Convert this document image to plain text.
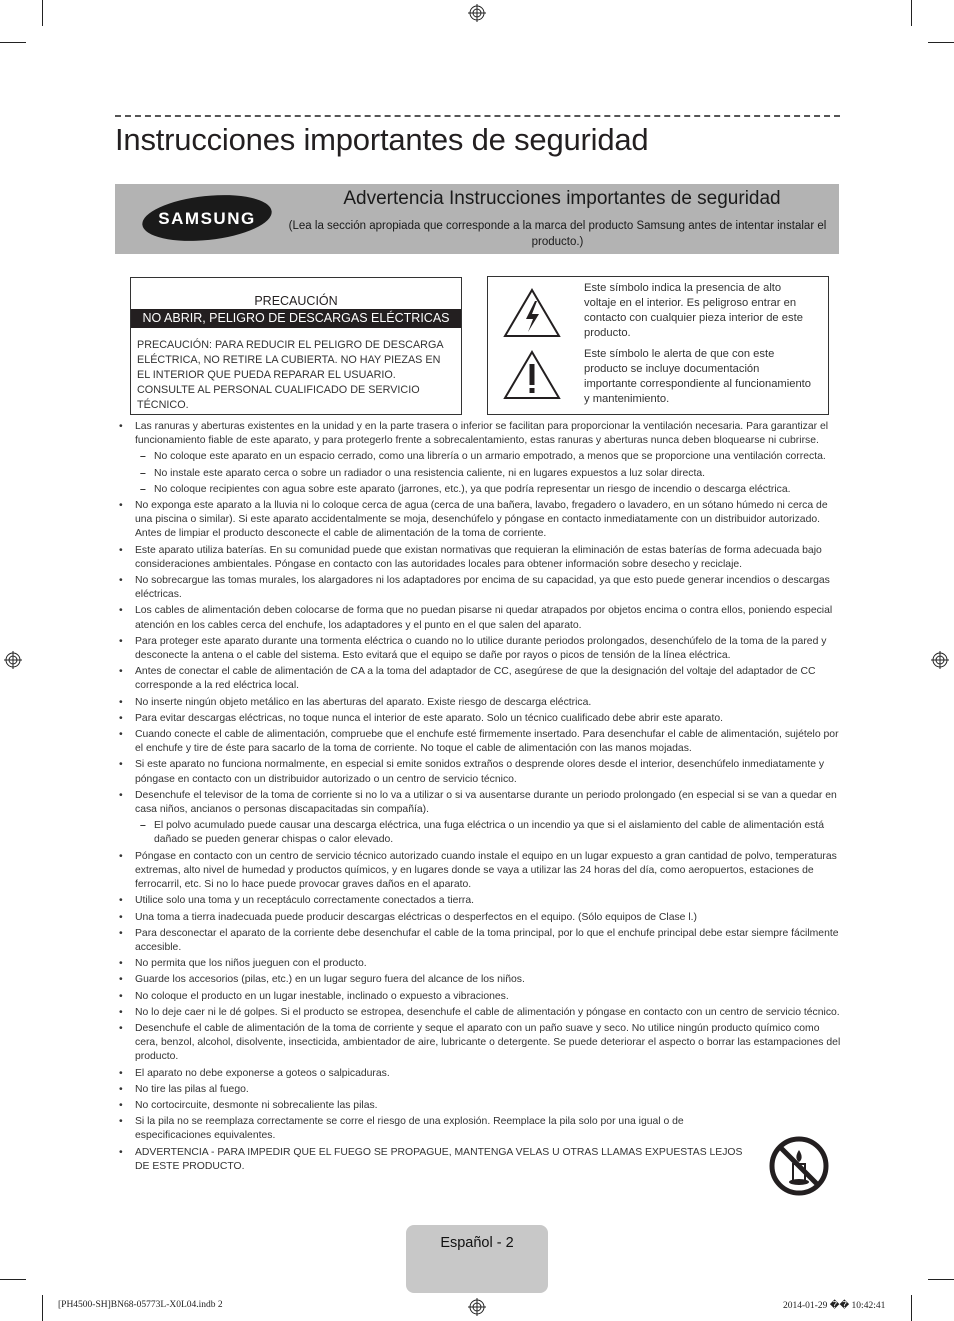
Instrucciones importantes de seguridad
SAMSUNG
Advertencia Instrucciones importantes de seguridad
(Lea la sección apropiada que corresponde a la marca del producto Samsung antes de intentar instalar el producto.)
PRECAUCIÓN
NO ABRIR, PELIGRO DE DESCARGAS ELÉCTRICAS
PRECAUCIÓN: PARA REDUCIR EL PELIGRO DE DESCARGA ELÉCTRICA, NO RETIRE LA CUBIERTA. NO HAY PIEZAS EN EL INTERIOR QUE PUEDA REPARAR EL USUARIO. CONSULTE AL PERSONAL CUALIFICADO DE SERVICIO TÉCNICO.
Este símbolo indica la presencia de alto voltaje en el interior. Es peligroso entrar en contacto con cualquier pieza interior de este producto.
Este símbolo le alerta de que con este producto se incluye documentación importante correspondiente al funcionamiento y mantenimiento.
• Las ranuras y aberturas existentes en la unidad y en la parte trasera o inferior se facilitan para proporcionar la ventilación necesaria. Para garantizar el funcionamiento fiable de este aparato, y para protegerlo frente a sobrecalentamiento, estas ranuras y aberturas nunca deben bloquearse ni cubrirse.
– No coloque este aparato en un espacio cerrado, como una librería o un armario empotrado, a menos que se proporcione una ventilación correcta.
– No instale este aparato cerca o sobre un radiador o una resistencia caliente, ni en lugares expuestos a luz solar directa.
– No coloque recipientes con agua sobre este aparato (jarrones, etc.), ya que podría representar un riesgo de incendio o descarga eléctrica.
• No exponga este aparato a la lluvia ni lo coloque cerca de agua (cerca de una bañera, lavabo, fregadero o lavadero, en un sótano húmedo ni cerca de una piscina o similar). Si este aparato accidentalmente se moja, desenchúfelo y póngase en contacto inmediatamente con un distribuidor autorizado. Antes de limpiar el producto desconecte el cable de alimentación de la toma de corriente.
• Este aparato utiliza baterías. En su comunidad puede que existan normativas que requieran la eliminación de estas baterías de forma adecuada bajo consideraciones ambientales. Póngase en contacto con las autoridades locales para obtener información sobre desecho y reciclaje.
• No sobrecargue las tomas murales, los alargadores ni los adaptadores por encima de su capacidad, ya que esto puede generar incendios o descargas eléctricas.
• Los cables de alimentación deben colocarse de forma que no puedan pisarse ni quedar atrapados por objetos encima o contra ellos, poniendo especial atención en los cables cerca del enchufe, los adaptadores y el punto en el que salen del aparato.
• Para proteger este aparato durante una tormenta eléctrica o cuando no lo utilice durante periodos prolongados, desenchúfelo de la toma de la pared y desconecte la antena o el cable del sistema. Esto evitará que el equipo se dañe por rayos o picos de tensión de la línea eléctrica.
• Antes de conectar el cable de alimentación de CA a la toma del adaptador de CC, asegúrese de que la designación del voltaje del adaptador de CC corresponde a la red eléctrica local.
• No inserte ningún objeto metálico en las aberturas del aparato. Existe riesgo de descarga eléctrica.
• Para evitar descargas eléctricas, no toque nunca el interior de este aparato. Solo un técnico cualificado debe abrir este aparato.
• Cuando conecte el cable de alimentación, compruebe que el enchufe esté firmemente insertado. Para desenchufar el cable de alimentación, sujételo por el enchufe y tire de éste para sacarlo de la toma de corriente. No toque el cable de alimentación con las manos mojadas.
• Si este aparato no funciona normalmente, en especial si emite sonidos extraños o desprende olores desde el interior, desenchúfelo inmediatamente y póngase en contacto con un distribuidor autorizado o un centro de servicio técnico.
• Desenchufe el televisor de la toma de corriente si no lo va a utilizar o si va ausentarse durante un periodo prolongado (en especial si se van a quedar en casa niños, ancianos o personas discapacitadas sin compañía).
– El polvo acumulado puede causar una descarga eléctrica, una fuga eléctrica o un incendio ya que si el aislamiento del cable de alimentación está dañado se pueden generar chispas o calor elevado.
• Póngase en contacto con un centro de servicio técnico autorizado cuando instale el equipo en un lugar expuesto a gran cantidad de polvo, temperaturas extremas, alto nivel de humedad y productos químicos, y en lugares donde se vaya a utilizar las 24 horas del día, como aeropuertos, estaciones de ferrocarril, etc. Si no lo hace puede provocar graves daños en el aparato.
• Utilice solo una toma y un receptáculo correctamente conectados a tierra.
• Una toma a tierra inadecuada puede producir descargas eléctricas o desperfectos en el equipo. (Sólo equipos de Clase l.)
• Para desconectar el aparato de la corriente debe desenchufar el cable de la toma principal, por lo que el enchufe principal debe estar siempre fácilmente accesible.
• No permita que los niños jueguen con el producto.
• Guarde los accesorios (pilas, etc.) en un lugar seguro fuera del alcance de los niños.
• No coloque el producto en un lugar inestable, inclinado o expuesto a vibraciones.
• No lo deje caer ni le dé golpes. Si el producto se estropea, desenchufe el cable de alimentación y póngase en contacto con un centro de servicio técnico.
• Desenchufe el cable de alimentación de la toma de corriente y seque el aparato con un paño suave y seco. No utilice ningún producto químico como cera, benzol, alcohol, disolvente, insecticida, ambientador de aire, lubricante o detergente. Se puede deteriorar el aspecto o borrar las estampaciones del producto.
• El aparato no debe exponerse a goteos o salpicaduras.
• No tire las pilas al fuego.
• No cortocircuite, desmonte ni sobrecaliente las pilas.
• Si la pila no se reemplaza correctamente se corre el riesgo de una explosión. Reemplace la pila solo por una igual o de especificaciones equivalentes.
• ADVERTENCIA - PARA IMPEDIR QUE EL FUEGO SE PROPAGUE, MANTENGA VELAS U OTRAS LLAMAS EXPUESTAS LEJOS DE ESTE PRODUCTO.
Español - 2
[PH4500-SH]BN68-05773L-X0L04.indb 2	2014-01-29 �� 10:42:41
